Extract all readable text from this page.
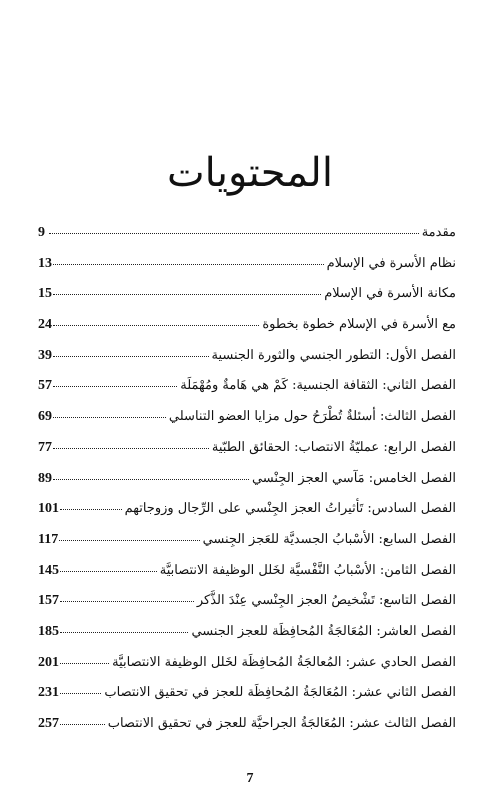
المحتويات
مقدمة
9
نظام الأسرة في الإسلام
13
مكانة الأسرة في الإسلام
15
مع الأسرة في الإسلام خطوة بخطوة
24
الفصل الأول: التطور الجنسي والثورة الجنسية
39
الفصل الثاني: الثقافة الجنسية: كَمْ هي هَامةٌ ومُهْمَلَة
57
الفصل الثالث: أسئلةٌ تُطْرَحُ حول مزايا العضو التناسلي
69
الفصل الرابع: عمليّةُ الانتصاب: الحقائق الطبّية
77
الفصل الخامس: مَآسي العجز الجِنْسي
89
الفصل السادس: تَأثيراتُ العجز الجِنْسي على الرِّجال وزوجاتهم
101
الفصل السابع: الأسْبابُ الجسديَّة للعَجز الجِنسي
117
الفصل الثامن: الأسْبابُ النَّفْسيَّة لخَلل الوظيفة الانتصابيَّة
145
الفصل التاسع: تَشْخيصُ العجز الجِنْسي عِنْدَ الذَّكر
157
الفصل العاشر: المُعَالجَةُ المُحافِظَة للعجز الجنسي
185
الفصل الحادي عشر: المُعالجَةُ المُحافِظَة لخَلل الوظيفة الانتصابيَّة
201
الفصل الثاني عشر: المُعَالجَةُ المُحافِظَة للعجز في تحقيق الانتصاب
231
الفصل الثالث عشر: المُعَالجَةُ الجراحيَّة للعجز في تحقيق الانتصاب
257
7
